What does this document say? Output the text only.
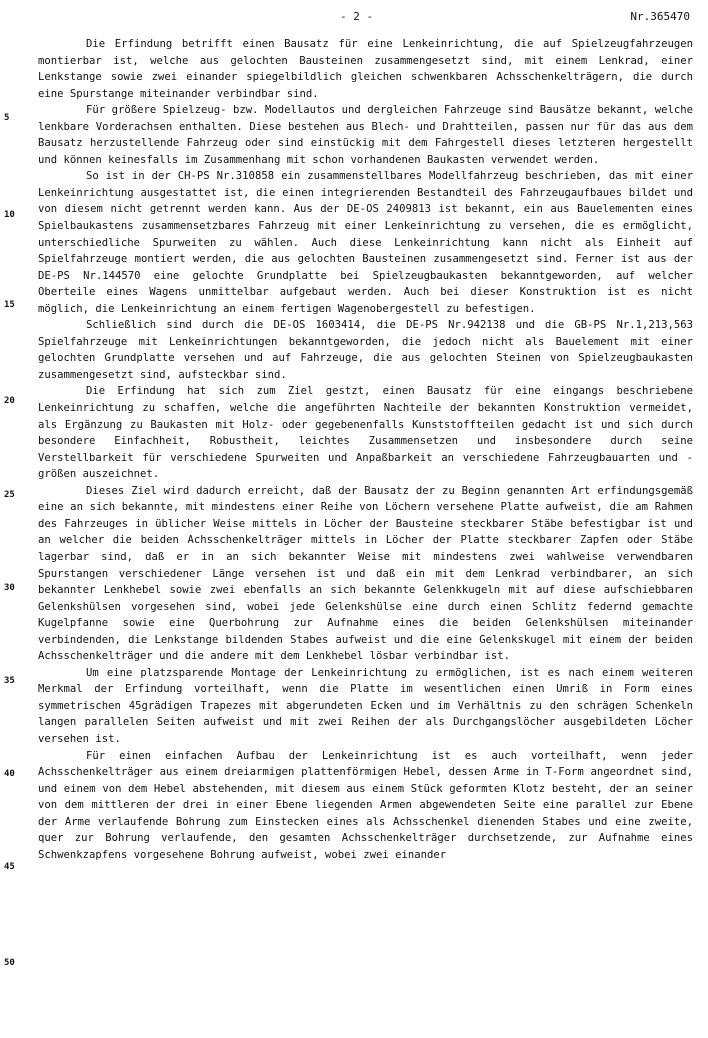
- 2 -	Nr.365470
5
10
15
20
25
30
35
40
45
50

Die Erfindung betrifft einen Bausatz für eine Lenkeinrichtung, die auf Spielzeugfahrzeugen montierbar ist, welche aus gelochten Bausteinen zusammengesetzt sind, mit einem Lenkrad, einer Lenkstange sowie zwei einander spiegelbildlich gleichen schwenkbaren Achsschenkelträgern, die durch eine Spurstange miteinander verbindbar sind.

Für größere Spielzeug- bzw. Modellautos und dergleichen Fahrzeuge sind Bausätze bekannt, welche lenkbare Vorderachsen enthalten. Diese bestehen aus Blech- und Drahtteilen, passen nur für das aus dem Bausatz herzustellende Fahrzeug oder sind einstückig mit dem Fahrgestell dieses letzteren hergestellt und können keinesfalls im Zusammenhang mit schon vorhandenen Baukasten verwendet werden.

So ist in der CH-PS Nr.310858 ein zusammenstellbares Modellfahrzeug beschrieben, das mit einer Lenkeinrichtung ausgestattet ist, die einen integrierenden Bestandteil des Fahrzeugaufbaues bildet und von diesem nicht getrennt werden kann. Aus der DE-OS 2409813 ist bekannt, ein aus Bauelementen eines Spielbaukastens zusammensetzbares Fahrzeug mit einer Lenkeinrichtung zu versehen, die es ermöglicht, unterschiedliche Spurweiten zu wählen. Auch diese Lenkeinrichtung kann nicht als Einheit auf Spielfahrzeuge montiert werden, die aus gelochten Bausteinen zusammengesetzt sind. Ferner ist aus der DE-PS Nr.144570 eine gelochte Grundplatte bei Spielzeugbaukasten bekanntgeworden, auf welcher Oberteile eines Wagens unmittelbar aufgebaut werden. Auch bei dieser Konstruktion ist es nicht möglich, die Lenkeinrichtung an einem fertigen Wagenobergestell zu befestigen.

Schließlich sind durch die DE-OS 1603414, die DE-PS Nr.942138 und die GB-PS Nr.1,213,563 Spielfahrzeuge mit Lenkeinrichtungen bekanntgeworden, die jedoch nicht als Bauelement mit einer gelochten Grundplatte versehen und auf Fahrzeuge, die aus gelochten Steinen von Spielzeugbaukasten zusammengesetzt sind, aufsteckbar sind.

Die Erfindung hat sich zum Ziel gestzt, einen Bausatz für eine eingangs beschriebene Lenkeinrichtung zu schaffen, welche die angeführten Nachteile der bekannten Konstruktion vermeidet, als Ergänzung zu Baukasten mit Holz- oder gegebenenfalls Kunststoffteilen gedacht ist und sich durch besondere Einfachheit, Robustheit, leichtes Zusammensetzen und insbesondere durch seine Verstellbarkeit für verschiedene Spurweiten und Anpaßbarkeit an verschiedene Fahrzeugbauarten und -größen auszeichnet.

Dieses Ziel wird dadurch erreicht, daß der Bausatz der zu Beginn genannten Art erfindungsgemäß eine an sich bekannte, mit mindestens einer Reihe von Löchern versehene Platte aufweist, die am Rahmen des Fahrzeuges in üblicher Weise mittels in Löcher der Bausteine steckbarer Stäbe befestigbar ist und an welcher die beiden Achsschenkelträger mittels in Löcher der Platte steckbarer Zapfen oder Stäbe lagerbar sind, daß er in an sich bekannter Weise mit mindestens zwei wahlweise verwendbaren Spurstangen verschiedener Länge versehen ist und daß ein mit dem Lenkrad verbindbarer, an sich bekannter Lenkhebel sowie zwei ebenfalls an sich bekannte Gelenkkugeln mit auf diese aufschiebbaren Gelenkshülsen vorgesehen sind, wobei jede Gelenkshülse eine durch einen Schlitz federnd gemachte Kugelpfanne sowie eine Querbohrung zur Aufnahme eines die beiden Gelenkshülsen miteinander verbindenden, die Lenkstange bildenden Stabes aufweist und die eine Gelenkskugel mit einem der beiden Achsschenkelträger und die andere mit dem Lenkhebel lösbar verbindbar ist.

Um eine platzsparende Montage der Lenkeinrichtung zu ermöglichen, ist es nach einem weiteren Merkmal der Erfindung vorteilhaft, wenn die Platte im wesentlichen einen Umriß in Form eines symmetrischen 45grädigen Trapezes mit abgerundeten Ecken und im Verhältnis zu den schrägen Schenkeln langen parallelen Seiten aufweist und mit zwei Reihen der als Durchgangslöcher ausgebildeten Löcher versehen ist.

Für einen einfachen Aufbau der Lenkeinrichtung ist es auch vorteilhaft, wenn jeder Achsschenkelträger aus einem dreiarmigen plattenförmigen Hebel, dessen Arme in T-Form angeordnet sind, und einem von dem Hebel abstehenden, mit diesem aus einem Stück geformten Klotz besteht, der an seiner von dem mittleren der drei in einer Ebene liegenden Armen abgewendeten Seite eine parallel zur Ebene der Arme verlaufende Bohrung zum Einstecken eines als Achsschenkel dienenden Stabes und eine zweite, quer zur Bohrung verlaufende, den gesamten Achsschenkelträger durchsetzende, zur Aufnahme eines Schwenkzapfens vorgesehene Bohrung aufweist, wobei zwei einander
